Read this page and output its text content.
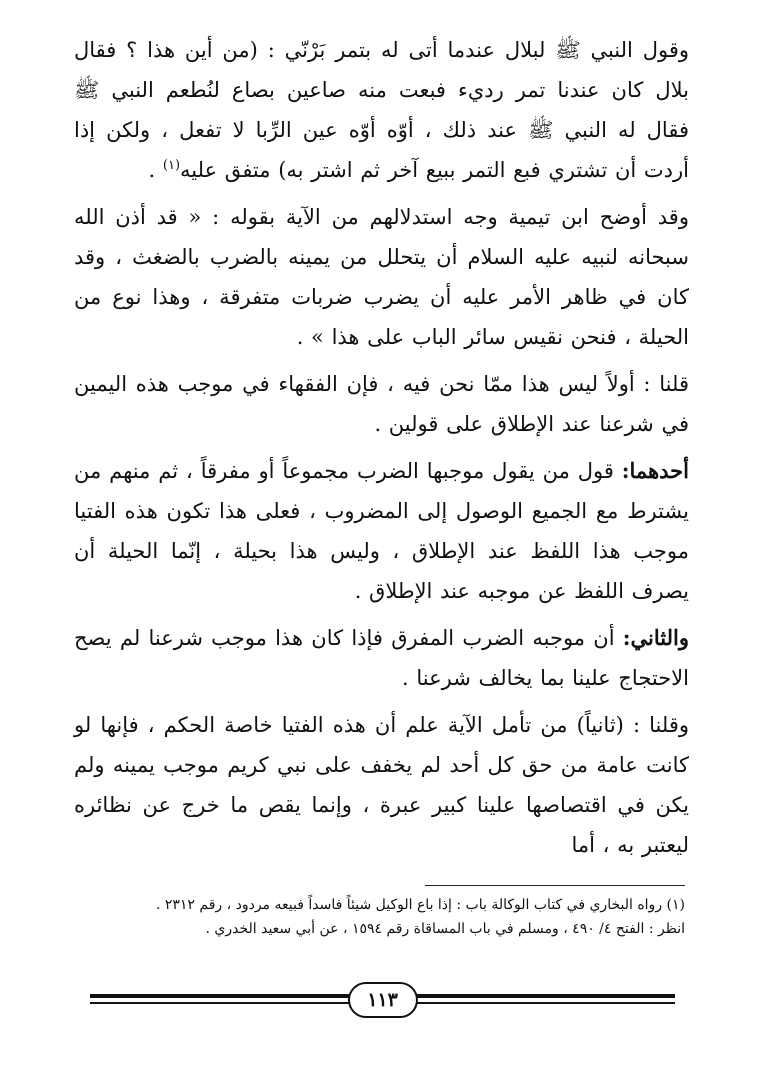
وقول النبي ﷺ لبلال عندما أتى له بتمر بَرْنّي : (من أين هذا ؟ فقال بلال كان عندنا تمر رديء فبعت منه صاعين بصاع لنُطعم النبي ﷺ فقال له النبي ﷺ عند ذلك ، أوّه أوّه عين الرِّبا لا تفعل ، ولكن إذا أردت أن تشتري فبع التمر ببيع آخر ثم اشتر به) متفق عليه$^{(١)}$ .

وقد أوضح ابن تيمية وجه استدلالهم من الآية بقوله : « قد أذن الله سبحانه لنبيه عليه السلام أن يتحلل من يمينه بالضرب بالضغث ، وقد كان في ظاهر الأمر عليه أن يضرب ضربات متفرقة ، وهذا نوع من الحيلة ، فنحن نقيس سائر الباب على هذا » .

قلنا : أولاً ليس هذا ممّا نحن فيه ، فإن الفقهاء في موجب هذه اليمين في شرعنا عند الإطلاق على قولين .

أحدهما: قول من يقول موجبها الضرب مجموعاً أو مفرقاً ، ثم منهم من يشترط مع الجميع الوصول إلى المضروب ، فعلى هذا تكون هذه الفتيا موجب هذا اللفظ عند الإطلاق ، وليس هذا بحيلة ، إنّما الحيلة أن يصرف اللفظ عن موجبه عند الإطلاق .

والثاني: أن موجبه الضرب المفرق فإذا كان هذا موجب شرعنا لم يصح الاحتجاج علينا بما يخالف شرعنا .

وقلنا : (ثانياً) من تأمل الآية علم أن هذه الفتيا خاصة الحكم ، فإنها لو كانت عامة من حق كل أحد لم يخفف على نبي كريم موجب يمينه ولم يكن في اقتصاصها علينا كبير عبرة ، وإنما يقص ما خرج عن نظائره ليعتبر به ، أما

(١) رواه البخاري في كتاب الوكالة باب : إذا باع الوكيل شيئاً فاسداً فبيعه مردود ، رقم ٢٣١٢ .

انظر : الفتح ٤/ ٤٩٠ ، ومسلم في باب المساقاة رقم ١٥٩٤ ، عن أبي سعيد الخدري .

١١٣
